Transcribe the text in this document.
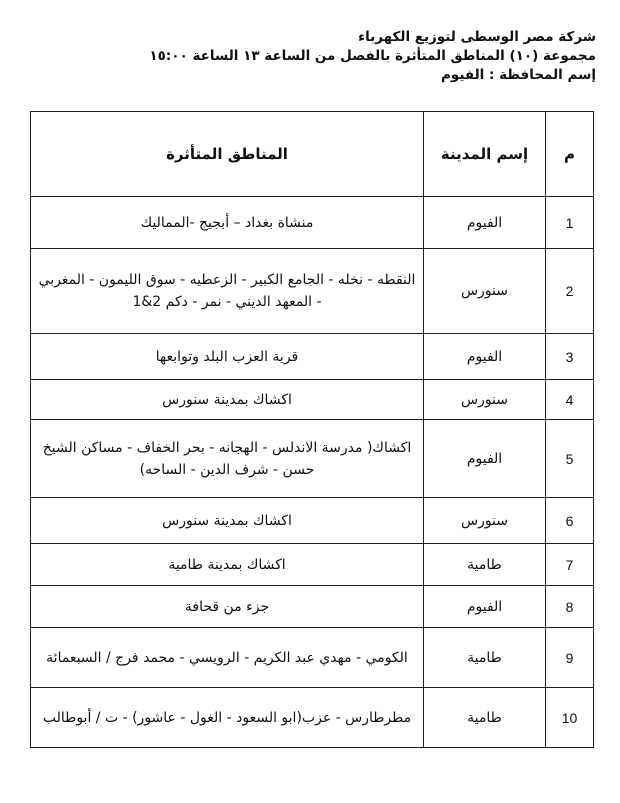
شركة مصر الوسطى لتوزيع الكهرباء
مجموعة (١٠) المناطق المتأثرة بالفصل من الساعة ١٣ الساعة ١٥:٠٠
إسم المحافظة : الفيوم
م	إسم المدينة	المناطق المتأثرة
1	الفيوم	منشاة بغداد – أبجيج -المماليك
2	سنورس	النقطه - نخله - الجامع الكبير - الزعطيه - سوق الليمون - المغربي - المعهد الديني - نمر - دكم 2&1
3	الفيوم	قرية العزب البلد وتوابعها
4	سنورس	اكشاك بمدينة سنورس
5	الفيوم	اكشاك( مدرسة الاندلس - الهجانه - بحر الخفاف - مساكن الشيخ حسن - شرف الدين - الساحه)
6	سنورس	اكشاك بمدينة سنورس
7	طامية	اكشاك بمدينة طامية
8	الفيوم	جزء من قحافة
9	طامية	الكومي - مهدي عبد الكريم - الرويسي - محمد فرج / السبعمائة
10	طامية	مطرطارس - عزب(ابو السعود - الغول - عاشور) - ت / أبوطالب
